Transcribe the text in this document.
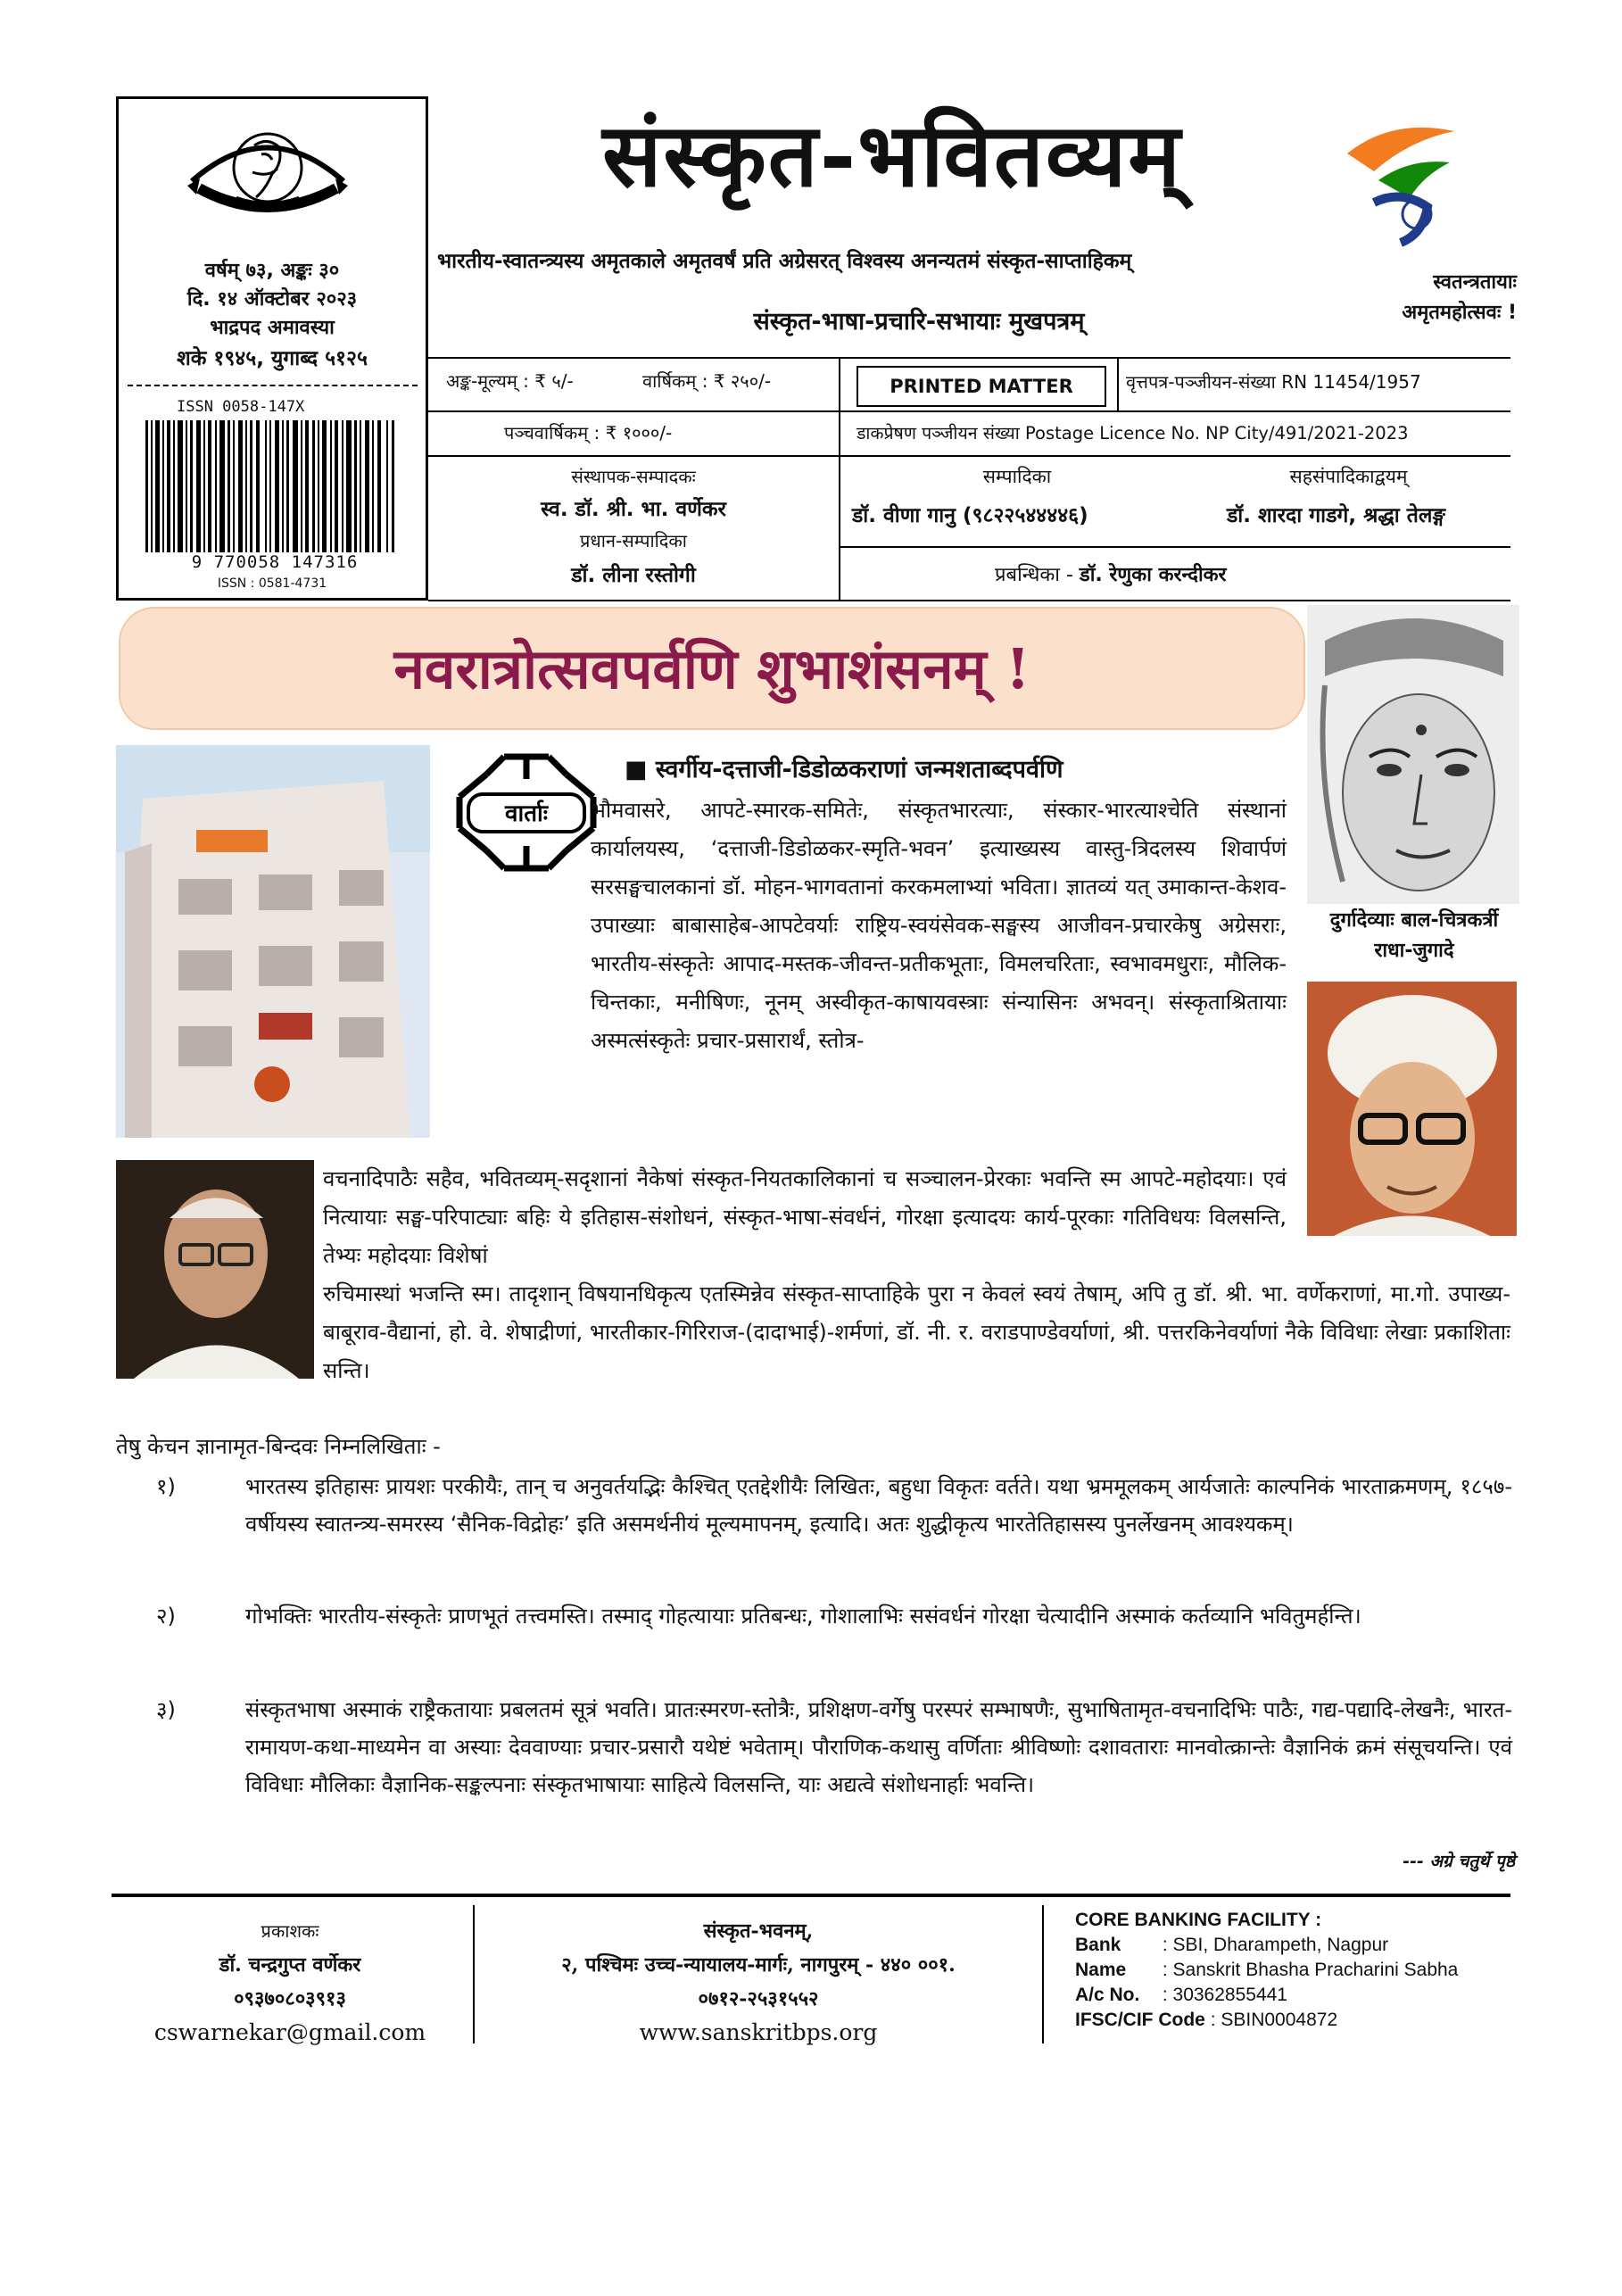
वर्षम् ७३, अङ्कः ३०
दि. १४ ऑक्टोबर २०२३
भाद्रपद अमावस्या
शके १९४५, युगाब्द ५१२५
ISSN 0058-147X
9 770058 147316
ISSN : 0581-4731
संस्कृत-भवितव्यम्
भारतीय-स्वातन्त्र्यस्य अमृतकाले अमृतवर्षं प्रति अग्रेसरत् विश्वस्य अनन्यतमं संस्कृत-साप्ताहिकम्
संस्कृत-भाषा-प्रचारि-सभायाः मुखपत्रम्
स्वतन्त्रतायाः
अमृतमहोत्सवः !
अङ्क-मूल्यम् : ₹ ५/-	वार्षिकम् : ₹ २५०/-
पञ्चवार्षिकम् : ₹ १०००/-
PRINTED MATTER	वृत्तपत्र-पञ्जीयन-संख्या RN 11454/1957
डाकप्रेषण पञ्जीयन संख्या Postage Licence No. NP City/491/2021-2023
संस्थापक-सम्पादकः
स्व. डॉ. श्री. भा. वर्णेकर
प्रधान-सम्पादिका
डॉ. लीना रस्तोगी
सम्पादिका
डॉ. वीणा गानु (९८२२५४४४४६)
सहसंपादिकाद्वयम्
डॉ. शारदा गाडगे, श्रद्धा तेलङ्ग
प्रबन्धिका - डॉ. रेणुका करन्दीकर
नवरात्रोत्सवपर्वणि शुभाशंसनम् !
दुर्गादेव्याः बाल-चित्रकर्त्री
राधा-जुगादे
वार्ताः
■ स्वर्गीय-दत्ताजी-डिडोळकराणां जन्मशताब्दपर्वणि

भौमवासरे, आपटे-स्मारक-समितेः, संस्कृतभारत्याः, संस्कार-भारत्याश्चेति संस्थानां कार्यालयस्य, ‘दत्ताजी-डिडोळकर-स्मृति-भवन’ इत्याख्यस्य वास्तु-त्रिदलस्य शिवार्पणं सरसङ्घचालकानां डॉ. मोहन-भागवतानां करकमलाभ्यां भविता। ज्ञातव्यं यत् उमाकान्त-केशव-उपाख्याः बाबासाहेब-आपटेवर्याः राष्ट्रिय-स्वयंसेवक-सङ्घस्य आजीवन-प्रचारकेषु अग्रेसराः, भारतीय-संस्कृतेः आपाद-मस्तक-जीवन्त-प्रतीकभूताः, विमलचरिताः, स्वभावमधुराः, मौलिक-चिन्तकाः, मनीषिणः, नूनम् अस्वीकृत-काषायवस्त्राः संन्यासिनः अभवन्। संस्कृताश्रितायाः अस्मत्संस्कृतेः प्रचार-प्रसारार्थं, स्तोत्र-

वचनादिपाठैः सहैव, भवितव्यम्-सदृशानां नैकेषां संस्कृत-नियतकालिकानां च सञ्चालन-प्रेरकाः भवन्ति स्म आपटे-महोदयाः। एवं नित्यायाः सङ्घ-परिपाट्याः बहिः ये इतिहास-संशोधनं, संस्कृत-भाषा-संवर्धनं, गोरक्षा इत्यादयः कार्य-पूरकाः गतिविधयः विलसन्ति, तेभ्यः महोदयाः विशेषां

रुचिमास्थां भजन्ति स्म। तादृशान् विषयानधिकृत्य एतस्मिन्नेव संस्कृत-साप्ताहिके पुरा न केवलं स्वयं तेषाम्, अपि तु डॉ. श्री. भा. वर्णेकराणां, मा.गो. उपाख्य-बाबूराव-वैद्यानां, हो. वे. शेषाद्रीणां, भारतीकार-गिरिराज-(दादाभाई)-शर्मणां, डॉ. नी. र. वराडपाण्डेवर्याणां, श्री. पत्तरकिनेवर्याणां नैके विविधाः लेखाः प्रकाशिताः सन्ति।

तेषु केचन ज्ञानामृत-बिन्दवः निम्नलिखिताः -
१)	भारतस्य इतिहासः प्रायशः परकीयैः, तान् च अनुवर्तयद्भिः कैश्चित् एतद्देशीयैः लिखितः, बहुधा विकृतः वर्तते। यथा भ्रममूलकम् आर्यजातेः काल्पनिकं भारताक्रमणम्, १८५७-वर्षीयस्य स्वातन्त्र्य-समरस्य ‘सैनिक-विद्रोहः’ इति असमर्थनीयं मूल्यमापनम्, इत्यादि। अतः शुद्धीकृत्य भारतेतिहासस्य पुनर्लेखनम् आवश्यकम्।
२)	गोभक्तिः भारतीय-संस्कृतेः प्राणभूतं तत्त्वमस्ति। तस्माद् गोहत्यायाः प्रतिबन्धः, गोशालाभिः ससंवर्धनं गोरक्षा चेत्यादीनि अस्माकं कर्तव्यानि भवितुमर्हन्ति।
३)	संस्कृतभाषा अस्माकं राष्ट्रैकतायाः प्रबलतमं सूत्रं भवति। प्रातःस्मरण-स्तोत्रैः, प्रशिक्षण-वर्गेषु परस्परं सम्भाषणैः, सुभाषितामृत-वचनादिभिः पाठैः, गद्य-पद्यादि-लेखनैः, भारत-रामायण-कथा-माध्यमेन वा अस्याः देववाण्याः प्रचार-प्रसारौ यथेष्टं भवेताम्। पौराणिक-कथासु वर्णिताः श्रीविष्णोः दशावताराः मानवोत्क्रान्तेः वैज्ञानिकं क्रमं संसूचयन्ति। एवं विविधाः मौलिकाः वैज्ञानिक-सङ्कल्पनाः संस्कृतभाषायाः साहित्ये विलसन्ति, याः अद्यत्वे संशोधनार्हाः भवन्ति।
--- अग्रे चतुर्थे पृष्ठे
प्रकाशकः
डॉ. चन्द्रगुप्त वर्णेकर
०९३७०८०३९१३
cswarnekar@gmail.com
संस्कृत-भवनम्,
२, पश्चिमः उच्च-न्यायालय-मार्गः, नागपुरम् - ४४० ००१.
०७१२-२५३१५५२
www.sanskritbps.org
CORE BANKING FACILITY :
Bank : SBI, Dharampeth, Nagpur
Name : Sanskrit Bhasha Pracharini Sabha
A/c No. : 30362855441
IFSC/CIF Code : SBIN0004872
